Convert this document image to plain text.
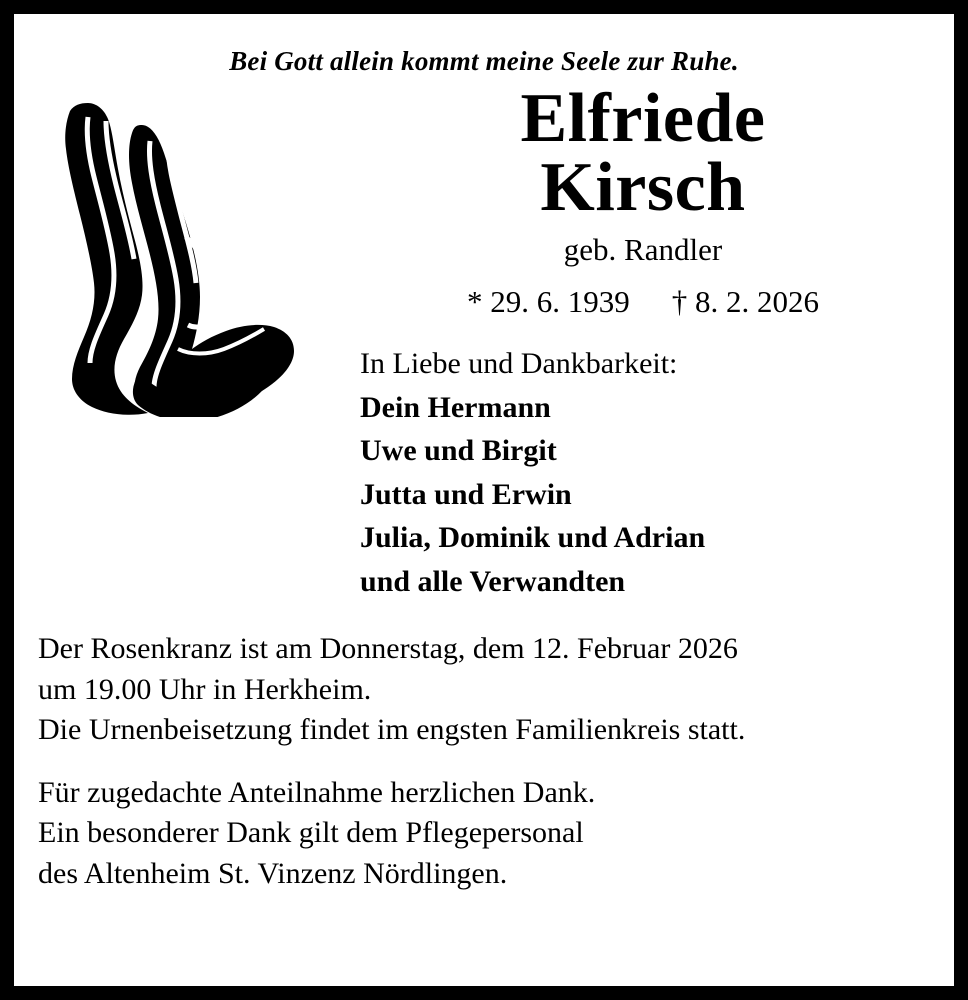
Bei Gott allein kommt meine Seele zur Ruhe.
Elfriede
Kirsch
geb. Randler
* 29. 6. 1939 † 8. 2. 2026
In Liebe und Dankbarkeit:
Dein Hermann
Uwe und Birgit
Jutta und Erwin
Julia, Dominik und Adrian
und alle Verwandten

Der Rosenkranz ist am Donnerstag, dem 12. Februar 2026

um 19.00 Uhr in Herkheim.

Die Urnenbeisetzung findet im engsten Familienkreis statt.

Für zugedachte Anteilnahme herzlichen Dank.

Ein besonderer Dank gilt dem Pflegepersonal

des Altenheim St. Vinzenz Nördlingen.
